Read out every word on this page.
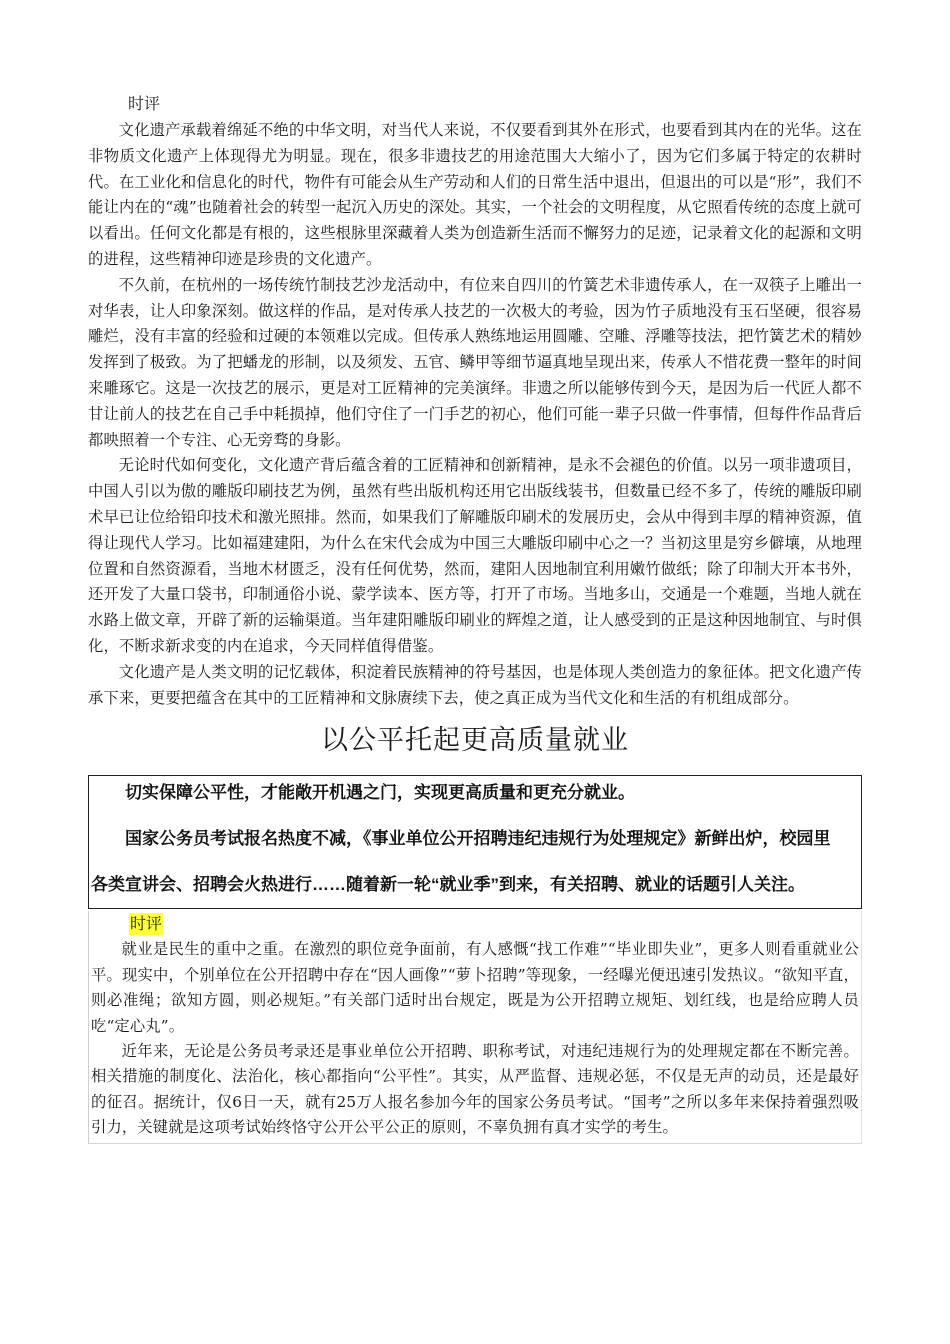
时评

文化遗产承载着绵延不绝的中华文明，对当代人来说，不仅要看到其外在形式，也要看到其内在的光华。这在非物质文化遗产上体现得尤为明显。现在，很多非遗技艺的用途范围大大缩小了，因为它们多属于特定的农耕时代。在工业化和信息化的时代，物件有可能会从生产劳动和人们的日常生活中退出，但退出的可以是“形”，我们不能让内在的“魂”也随着社会的转型一起沉入历史的深处。其实，一个社会的文明程度，从它照看传统的态度上就可以看出。任何文化都是有根的，这些根脉里深藏着人类为创造新生活而不懈努力的足迹，记录着文化的起源和文明的进程，这些精神印迹是珍贵的文化遗产。

不久前，在杭州的一场传统竹制技艺沙龙活动中，有位来自四川的竹簧艺术非遗传承人，在一双筷子上雕出一对华表，让人印象深刻。做这样的作品，是对传承人技艺的一次极大的考验，因为竹子质地没有玉石坚硬，很容易雕烂，没有丰富的经验和过硬的本领难以完成。但传承人熟练地运用圆雕、空雕、浮雕等技法，把竹簧艺术的精妙发挥到了极致。为了把蟠龙的形制，以及须发、五官、鳞甲等细节逼真地呈现出来，传承人不惜花费一整年的时间来雕琢它。这是一次技艺的展示，更是对工匠精神的完美演绎。非遗之所以能够传到今天，是因为后一代匠人都不甘让前人的技艺在自己手中耗损掉，他们守住了一门手艺的初心，他们可能一辈子只做一件事情，但每件作品背后都映照着一个专注、心无旁骛的身影。

无论时代如何变化，文化遗产背后蕴含着的工匠精神和创新精神，是永不会褪色的价值。以另一项非遗项目，中国人引以为傲的雕版印刷技艺为例，虽然有些出版机构还用它出版线装书，但数量已经不多了，传统的雕版印刷术早已让位给铅印技术和激光照排。然而，如果我们了解雕版印刷术的发展历史，会从中得到丰厚的精神资源，值得让现代人学习。比如福建建阳，为什么在宋代会成为中国三大雕版印刷中心之一？当初这里是穷乡僻壤，从地理位置和自然资源看，当地木材匮乏，没有任何优势，然而，建阳人因地制宜利用嫩竹做纸；除了印制大开本书外，还开发了大量口袋书，印制通俗小说、蒙学读本、医方等，打开了市场。当地多山，交通是一个难题，当地人就在水路上做文章，开辟了新的运输渠道。当年建阳雕版印刷业的辉煌之道，让人感受到的正是这种因地制宜、与时俱化，不断求新求变的内在追求，今天同样值得借鉴。

文化遗产是人类文明的记忆载体，积淀着民族精神的符号基因，也是体现人类创造力的象征体。把文化遗产传承下来，更要把蕴含在其中的工匠精神和文脉赓续下去，使之真正成为当代文化和生活的有机组成部分。

以公平托起更高质量就业

切实保障公平性，才能敞开机遇之门，实现更高质量和更充分就业。

国家公务员考试报名热度不减，《事业单位公开招聘违纪违规行为处理规定》新鲜出炉，校园里

各类宣讲会、招聘会火热进行……随着新一轮“就业季”到来，有关招聘、就业的话题引人关注。

时评

就业是民生的重中之重。在激烈的职位竞争面前，有人感慨“找工作难”“毕业即失业”，更多人则看重就业公平。现实中，个别单位在公开招聘中存在“因人画像”“萝卜招聘”等现象，一经曝光便迅速引发热议。“欲知平直，则必准绳；欲知方圆，则必规矩。”有关部门适时出台规定，既是为公开招聘立规矩、划红线，也是给应聘人员吃“定心丸”。

近年来，无论是公务员考录还是事业单位公开招聘、职称考试，对违纪违规行为的处理规定都在不断完善。相关措施的制度化、法治化，核心都指向“公平性”。其实，从严监督、违规必惩，不仅是无声的动员，还是最好的征召。据统计，仅6日一天，就有25万人报名参加今年的国家公务员考试。“国考”之所以多年来保持着强烈吸引力，关键就是这项考试始终恪守公开公平公正的原则，不辜负拥有真才实学的考生。
